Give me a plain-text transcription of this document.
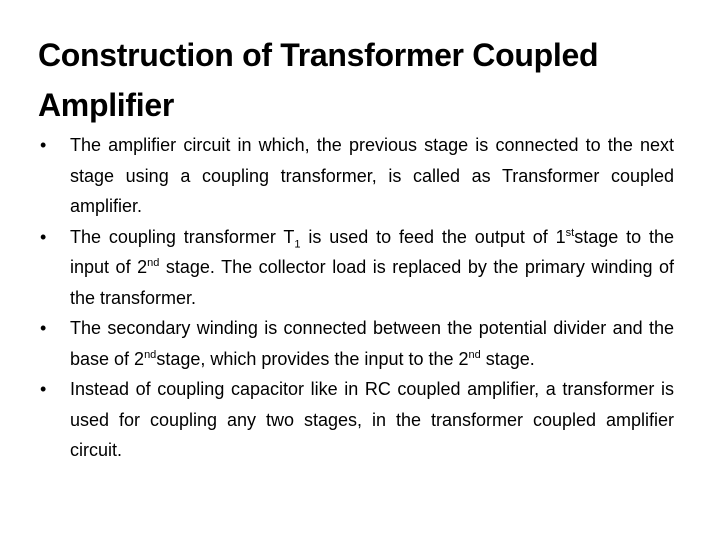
Construction of Transformer Coupled Amplifier
•	The amplifier circuit in which, the previous stage is connected to the next stage using a coupling transformer, is called as Transformer coupled amplifier.
•	The coupling transformer $T_1$ is used to feed the output of 1ststage to the input of 2nd stage. The collector load is replaced by the primary winding of the transformer.
•	The secondary winding is connected between the potential divider and the base of 2ndstage, which provides the input to the 2nd stage.
•	Instead of coupling capacitor like in RC coupled amplifier, a transformer is used for coupling any two stages, in the transformer coupled amplifier circuit.
